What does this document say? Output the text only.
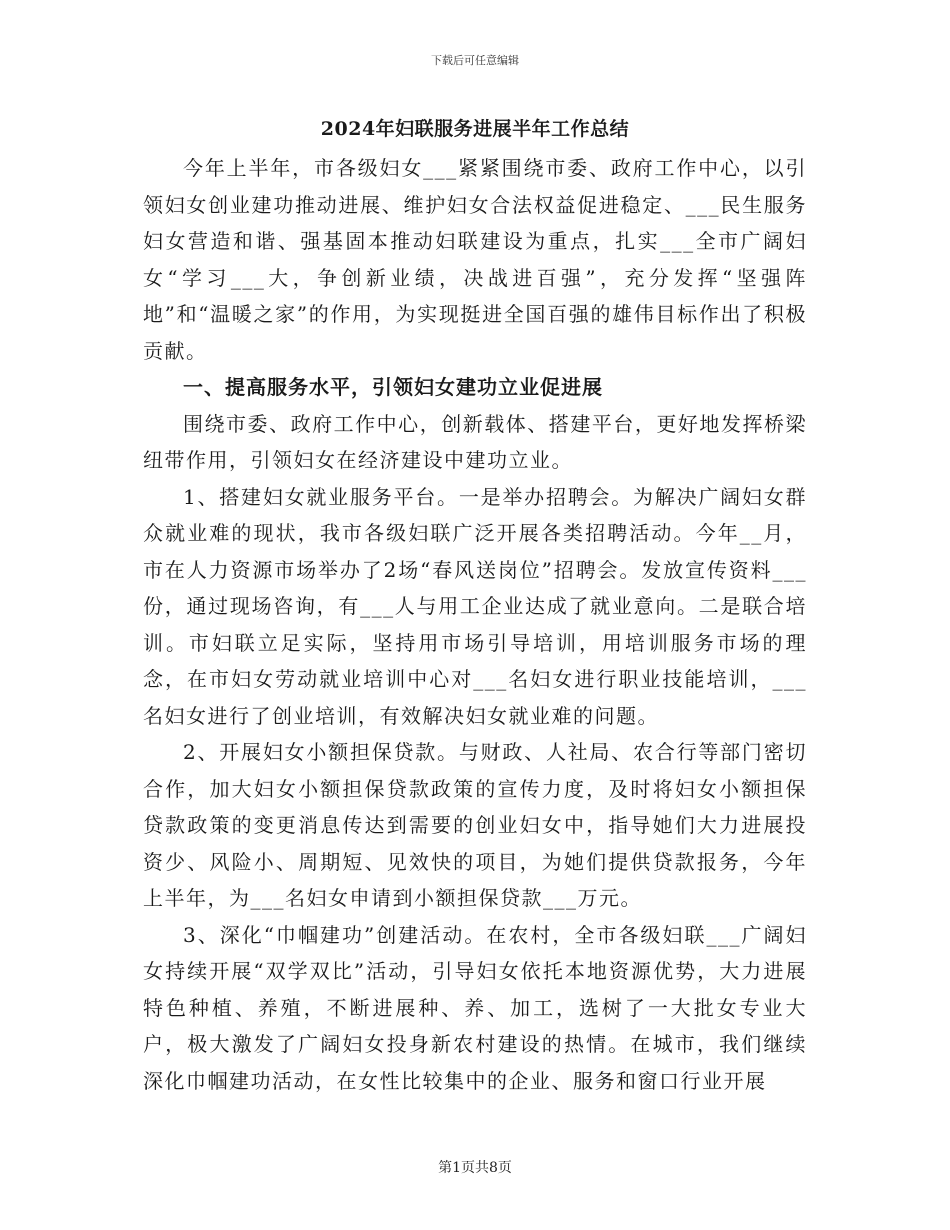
下载后可任意编辑
2024年妇联服务进展半年工作总结

今年上半年，市各级妇女___紧紧围绕市委、政府工作中心，以引领妇女创业建功推动进展、维护妇女合法权益促进稳定、___民生服务妇女营造和谐、强基固本推动妇联建设为重点，扎实___全市广阔妇女“学习___大，争创新业绩，决战进百强”，充分发挥“坚强阵地”和“温暖之家”的作用，为实现挺进全国百强的雄伟目标作出了积极贡献。

一、提高服务水平，引领妇女建功立业促进展

围绕市委、政府工作中心，创新载体、搭建平台，更好地发挥桥梁纽带作用，引领妇女在经济建设中建功立业。

1、搭建妇女就业服务平台。一是举办招聘会。为解决广阔妇女群众就业难的现状，我市各级妇联广泛开展各类招聘活动。今年__月，市在人力资源市场举办了2场“春风送岗位”招聘会。发放宣传资料___份，通过现场咨询，有___人与用工企业达成了就业意向。二是联合培训。市妇联立足实际，坚持用市场引导培训，用培训服务市场的理念，在市妇女劳动就业培训中心对___名妇女进行职业技能培训，___名妇女进行了创业培训，有效解决妇女就业难的问题。

2、开展妇女小额担保贷款。与财政、人社局、农合行等部门密切合作，加大妇女小额担保贷款政策的宣传力度，及时将妇女小额担保贷款政策的变更消息传达到需要的创业妇女中，指导她们大力进展投资少、风险小、周期短、见效快的项目，为她们提供贷款报务，今年上半年，为___名妇女申请到小额担保贷款___万元。

3、深化“巾帼建功”创建活动。在农村，全市各级妇联___广阔妇女持续开展“双学双比”活动，引导妇女依托本地资源优势，大力进展特色种植、养殖，不断进展种、养、加工，选树了一大批女专业大户，极大激发了广阔妇女投身新农村建设的热情。在城市，我们继续深化巾帼建功活动，在女性比较集中的企业、服务和窗口行业开展

第1页共8页
